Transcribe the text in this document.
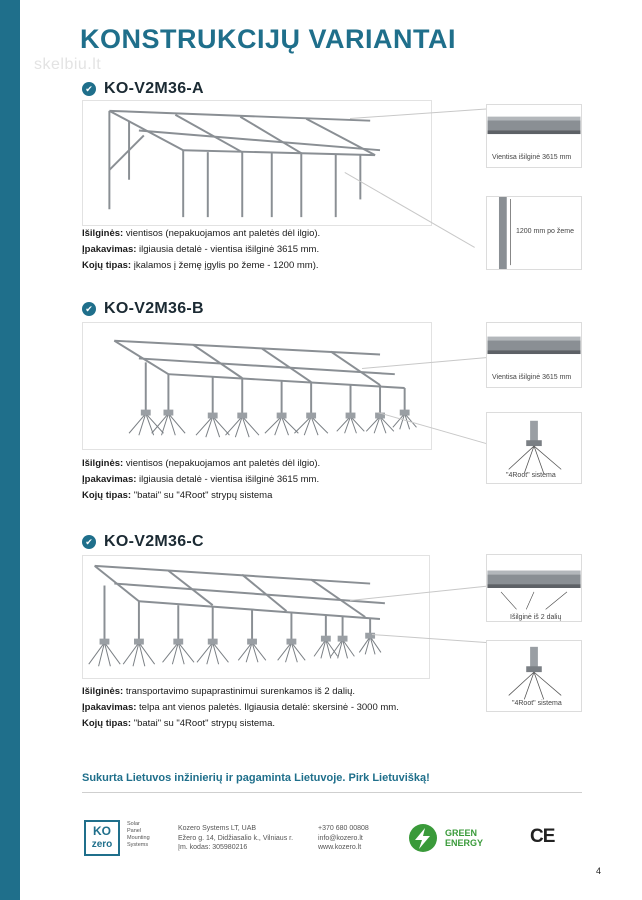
skelbiu.lt
KONSTRUKCIJŲ VARIANTAI
✔ KO-V2M36-A
Vientisa išilginė 3615 mm
1200 mm po žeme
Išilginės: vientisos (nepakuojamos ant paletės dėl ilgio).
Įpakavimas: ilgiausia detalė - vientisa išilginė 3615 mm.
Kojų tipas: įkalamos į žemę įgylis po žeme - 1200 mm).
✔ KO-V2M36-B
Vientisa išilginė 3615 mm
"4Root" sistema
Išilginės: vientisos (nepakuojamos ant paletės dėl ilgio).
Įpakavimas: ilgiausia detalė - vientisa išilginė 3615 mm.
Kojų tipas: "batai" su "4Root" strypų sistema
✔ KO-V2M36-C
Išilginė iš 2 dalių
"4Root" sistema
Išilginės: transportavimo supaprastinimui surenkamos iš 2 dalių.
Įpakavimas: telpa ant vienos paletės. Ilgiausia detalė: skersinė - 3000 mm.
Kojų tipas: "batai" su "4Root" strypų sistema.
Sukurta Lietuvos inžinierių ir pagaminta Lietuvoje. Pirk Lietuvišką!
KO
zero
Solar
Panel
Mounting
Systems
Kozero Systems LT, UAB
Ežero g. 14, Didžiasalio k., Vilniaus r.
Įm. kodas: 305980216
+370 680 00808
info@kozero.lt
www.kozero.lt
GREEN
ENERGY CE
4
